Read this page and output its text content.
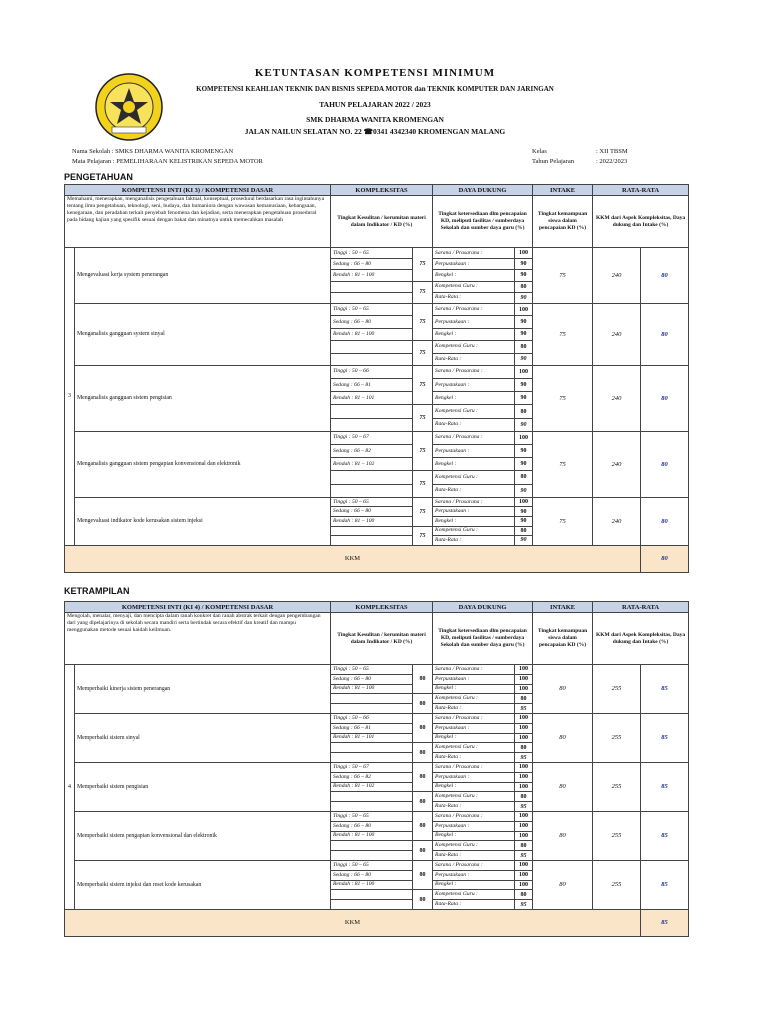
KETUNTASAN KOMPETENSI MINIMUM
KOMPETENSI KEAHLIAN TEKNIK DAN BISNIS SEPEDA MOTOR dan TEKNIK KOMPUTER DAN JARINGAN
TAHUN PELAJARAN 2022 / 2023
SMK DHARMA WANITA KROMENGAN
JALAN NAILUN SELATAN NO. 22 ☎0341 4342340 KROMENGAN MALANG
Nama Sekolah : SMKS DHARMA WANITA KROMENGAN
Mata Pelajaran : PEMELIHARAAN KELISTRIKAN SEPEDA MOTOR
Kelas	: XII TBSM
Tahun Pelajaran	: 2022/2023
PENGETAHUAN
KETRAMPILAN
KOMPETENSI INTI (KI 3) / KOMPETENSI DASAR		KOMPLEKSITAS		DAYA DUKUNG		INTAKE	RATA-RATA	
Memahami, menerapkan, menganalisis pengetahuan faktual, konseptual, prosedural berdasarkan rasa ingintahunya tentang ilmu pengetahuan, teknologi, seni, budaya, dan humaniora dengan wawasan kemanusiaan, kebangsaan, kenegaraan, dan peradaban terkait penyebab fenomena dan kejadian, serta menerapkan pengetahuan prosedural pada bidang kajian yang spesifik sesuai dengan bakat dan minatnya untuk memecahkan masalah		Tingkat Kesulitan / kerumitan materi dalam Indikator / KD (%)		Tingkat ketersediaan dlm pencapaian KD, meliputi fasilitas / sumberdaya Sekolah dan sumber daya guru (%)		Tingkat kemampuan siswa dalam pencapaian KD (%)	KKM dari Aspek Kompleksitas, Daya dukung dan Intake (%)	
3	Mengevaluasi kerja system penerangan	Tinggi : 50 – 65	75	Sarana / Prasarana :	100	75	240	80
		Sedang : 66 – 80		Perpustakaan :	90			
		Rendah : 81 – 100		Bengkel :	90			
			75	Kompetensi Guru :	80			
				Rata-Rata :	90			
	Menganalisis gangguan system sinyal	Tinggi : 50 – 65	75	Sarana / Prasarana :	100	75	240	80
		Sedang : 66 – 80		Perpustakaan :	90			
		Rendah : 81 – 100		Bengkel :	90			
			75	Kompetensi Guru :	80			
				Rata-Rata :	90			
	Menganalisis gangguan sistem pengisian	Tinggi : 50 – 66	75	Sarana / Prasarana :	100	75	240	80
		Sedang : 66 – 81		Perpustakaan :	90			
		Rendah : 81 – 101		Bengkel :	90			
			75	Kompetensi Guru :	80			
				Rata-Rata :	90			
	Menganalisis gangguan sistem pengapian konvensional dan elektronik	Tinggi : 50 – 67	75	Sarana / Prasarana :	100	75	240	80
		Sedang : 66 – 82		Perpustakaan :	90			
		Rendah : 81 – 102		Bengkel :	90			
			75	Kompetensi Guru :	80			
				Rata-Rata :	90			
	Mengevaluasi indikator kode kerusakan sistem injeksi	Tinggi : 50 – 65	75	Sarana / Prasarana :	100	75	240	80
		Sedang : 66 – 80		Perpustakaan :	90			
		Rendah : 81 – 100		Bengkel :	90			
			75	Kompetensi Guru :	80			
				Rata-Rata :	90			
KKM								80
KOMPETENSI INTI (KI 4) / KOMPETENSI DASAR		KOMPLEKSITAS		DAYA DUKUNG		INTAKE	RATA-RATA	
Mengolah, menalar, menyaji, dan mencipta dalam ranah konkret dan ranah abstrak terkait dengan pengembangan dari yang dipelajarinya di sekolah secara mandiri serta bertindak secara efektif dan kreatif dan mampu menggunakan metode sesuai kaidah keilmuan.		Tingkat Kesulitan / kerumitan materi dalam Indikator / KD (%)		Tingkat ketersediaan dlm pencapaian KD, meliputi fasilitas / sumberdaya Sekolah dan sumber daya guru (%)		Tingkat kemampuan siswa dalam pencapaian KD (%)	KKM dari Aspek Kompleksitas, Daya dukung dan Intake (%)	
4	Memperbaiki kinerja sistem penerangan	Tinggi : 50 – 65	80	Sarana / Prasarana :	100	80	255	85
		Sedang : 66 – 80		Perpustakaan :	100			
		Rendah : 81 – 100		Bengkel :	100			
			80	Kompetensi Guru :	80			
				Rata-Rata :	95			
	Memperbaiki sistem sinyal	Tinggi : 50 – 66	80	Sarana / Prasarana :	100	80	255	85
		Sedang : 66 – 81		Perpustakaan :	100			
		Rendah : 81 – 101		Bengkel :	100			
			80	Kompetensi Guru :	80			
				Rata-Rata :	95			
	Memperbaiki sistem pengisian	Tinggi : 50 – 67	80	Sarana / Prasarana :	100	80	255	85
		Sedang : 66 – 82		Perpustakaan :	100			
		Rendah : 81 – 102		Bengkel :	100			
			80	Kompetensi Guru :	80			
				Rata-Rata :	95			
	Memperbaiki sistem pengapian konvensional dan elektronik	Tinggi : 50 – 65	80	Sarana / Prasarana :	100	80	255	85
		Sedang : 66 – 80		Perpustakaan :	100			
		Rendah : 81 – 100		Bengkel :	100			
			80	Kompetensi Guru :	80			
				Rata-Rata :	95			
	Memperbaiki sistem injeksi dan reset kode kerusakan	Tinggi : 50 – 65	80	Sarana / Prasarana :	100	80	255	85
		Sedang : 66 – 80		Perpustakaan :	100			
		Rendah : 81 – 100		Bengkel :	100			
			80	Kompetensi Guru :	80			
				Rata-Rata :	95			
KKM								85
